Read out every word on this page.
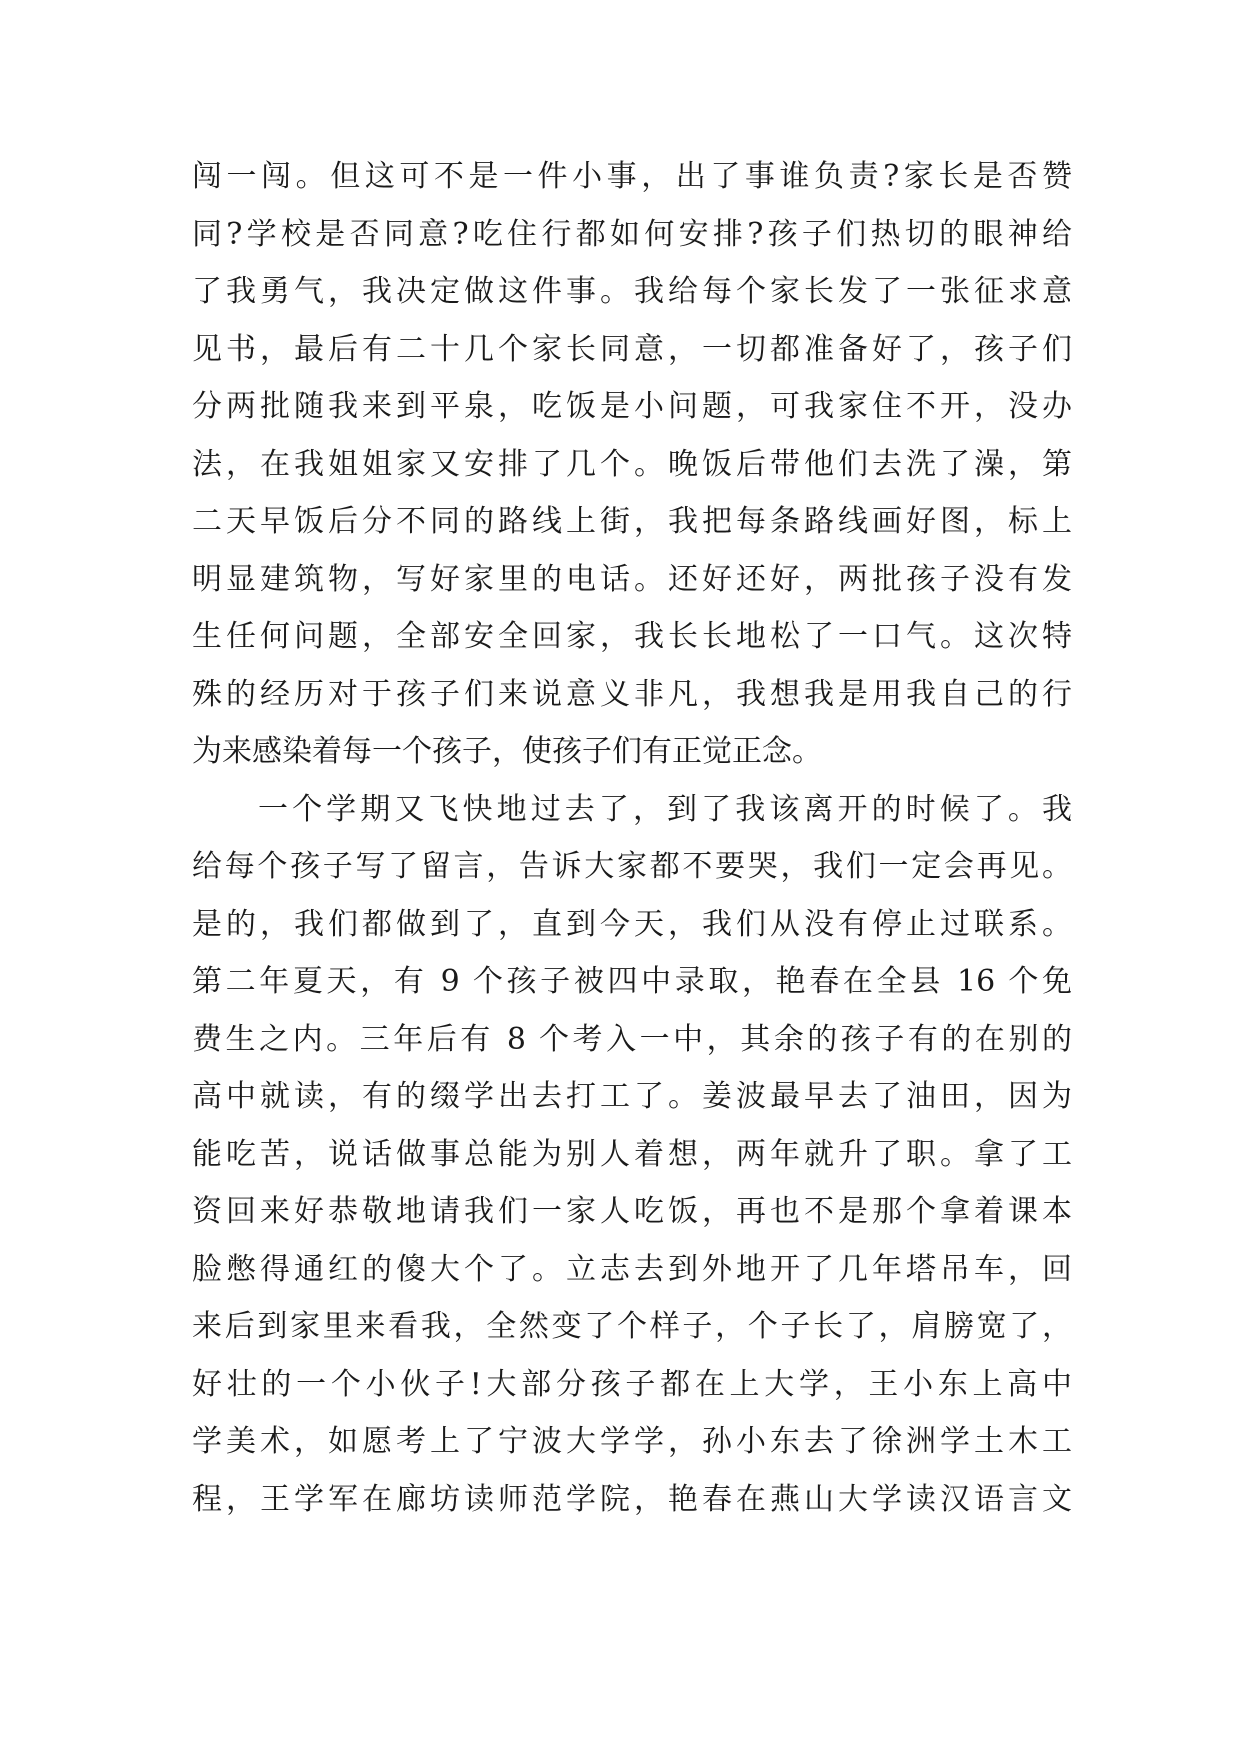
闯一闯。但这可不是一件小事，出了事谁负责?家长是否赞
同?学校是否同意?吃住行都如何安排?孩子们热切的眼神给
了我勇气，我决定做这件事。我给每个家长发了一张征求意
见书，最后有二十几个家长同意，一切都准备好了，孩子们
分两批随我来到平泉，吃饭是小问题，可我家住不开，没办
法，在我姐姐家又安排了几个。晚饭后带他们去洗了澡，第
二天早饭后分不同的路线上街，我把每条路线画好图，标上
明显建筑物，写好家里的电话。还好还好，两批孩子没有发
生任何问题，全部安全回家，我长长地松了一口气。这次特
殊的经历对于孩子们来说意义非凡，我想我是用我自己的行
为来感染着每一个孩子，使孩子们有正觉正念。
一个学期又飞快地过去了，到了我该离开的时候了。我
给每个孩子写了留言，告诉大家都不要哭，我们一定会再见。
是的，我们都做到了，直到今天，我们从没有停止过联系。
第二年夏天，有 9 个孩子被四中录取，艳春在全县 16 个免
费生之内。三年后有 8 个考入一中，其余的孩子有的在别的
高中就读，有的缀学出去打工了。姜波最早去了油田，因为
能吃苦，说话做事总能为别人着想，两年就升了职。拿了工
资回来好恭敬地请我们一家人吃饭，再也不是那个拿着课本
脸憋得通红的傻大个了。立志去到外地开了几年塔吊车，回
来后到家里来看我，全然变了个样子，个子长了，肩膀宽了，
好壮的一个小伙子!大部分孩子都在上大学，王小东上高中
学美术，如愿考上了宁波大学学，孙小东去了徐洲学土木工
程，王学军在廊坊读师范学院，艳春在燕山大学读汉语言文
